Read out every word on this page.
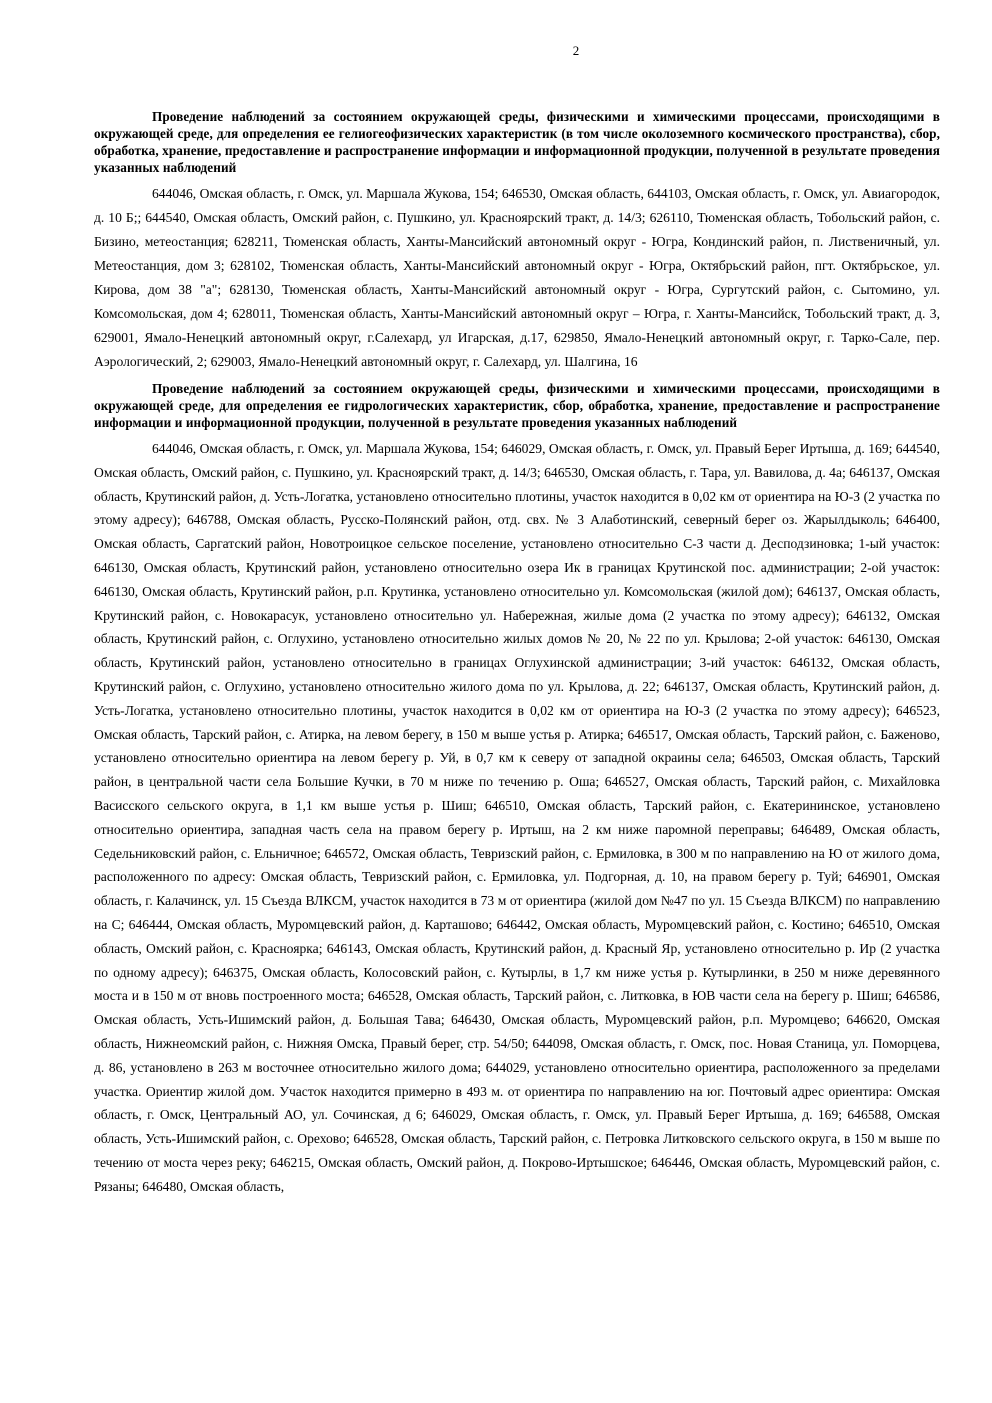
2

Проведение наблюдений за состоянием окружающей среды, физическими и химическими процессами, происходящими в окружающей среде, для определения ее гелиогеофизических характеристик (в том числе околоземного космического пространства), сбор, обработка, хранение, предоставление и распространение информации и информационной продукции, полученной в результате проведения указанных наблюдений

644046, Омская область, г. Омск, ул. Маршала Жукова, 154; 646530, Омская область, 644103, Омская область, г. Омск, ул. Авиагородок, д. 10 Б;; 644540, Омская область, Омский район, с. Пушкино, ул. Красноярский тракт, д. 14/3; 626110, Тюменская область, Тобольский район, с. Бизино, метеостанция; 628211, Тюменская область, Ханты-Мансийский автономный округ - Югра, Кондинский район, п. Лиственичный, ул. Метеостанция, дом 3; 628102, Тюменская область, Ханты-Мансийский автономный округ - Югра, Октябрьский район, пгт. Октябрьское, ул. Кирова, дом 38 "а"; 628130, Тюменская область, Ханты-Мансийский автономный округ - Югра, Сургутский район, с. Сытомино, ул. Комсомольская, дом 4; 628011, Тюменская область, Ханты-Мансийский автономный округ – Югра, г. Ханты-Мансийск, Тобольский тракт, д. 3, 629001, Ямало-Ненецкий автономный округ, г.Салехард, ул Игарская, д.17, 629850, Ямало-Ненецкий автономный округ, г. Тарко-Сале, пер. Аэрологический, 2; 629003, Ямало-Ненецкий автономный округ, г. Салехард, ул. Шалгина, 16

Проведение наблюдений за состоянием окружающей среды, физическими и химическими процессами, происходящими в окружающей среде, для определения ее гидрологических характеристик, сбор, обработка, хранение, предоставление и распространение информации и информационной продукции, полученной в результате проведения указанных наблюдений

644046, Омская область, г. Омск, ул. Маршала Жукова, 154; 646029, Омская область, г. Омск, ул. Правый Берег Иртыша, д. 169; 644540, Омская область, Омский район, с. Пушкино, ул. Красноярский тракт, д. 14/3; 646530, Омская область, г. Тара, ул. Вавилова, д. 4а; 646137, Омская область, Крутинский район, д. Усть-Логатка, установлено относительно плотины, участок находится в 0,02 км от ориентира на Ю-З (2 участка по этому адресу); 646788, Омская область, Русско-Полянский район, отд. свх. № 3 Алаботинский, северный берег оз. Жарылдыколь; 646400, Омская область, Саргатский район, Новотроицкое сельское поселение, установлено относительно С-З части д. Десподзиновка; 1-ый участок: 646130, Омская область, Крутинский район, установлено относительно озера Ик в границах Крутинской пос. администрации; 2-ой участок: 646130, Омская область, Крутинский район, р.п. Крутинка, установлено относительно ул. Комсомольская (жилой дом); 646137, Омская область, Крутинский район, с. Новокарасук, установлено относительно ул. Набережная, жилые дома (2 участка по этому адресу); 646132, Омская область, Крутинский район, с. Оглухино, установлено относительно жилых домов № 20, № 22 по ул. Крылова; 2-ой участок: 646130, Омская область, Крутинский район, установлено относительно в границах Оглухинской администрации; 3-ий участок: 646132, Омская область, Крутинский район, с. Оглухино, установлено относительно жилого дома по ул. Крылова, д. 22; 646137, Омская область, Крутинский район, д. Усть-Логатка, установлено относительно плотины, участок находится в 0,02 км от ориентира на Ю-З (2 участка по этому адресу); 646523, Омская область, Тарский район, с. Атирка, на левом берегу, в 150 м выше устья р. Атирка; 646517, Омская область, Тарский район, с. Баженово, установлено относительно ориентира на левом берегу р. Уй, в 0,7 км к северу от западной окраины села; 646503, Омская область, Тарский район, в центральной части села Большие Кучки, в 70 м ниже по течению р. Оша; 646527, Омская область, Тарский район, с. Михайловка Васисского сельского округа, в 1,1 км выше устья р. Шиш; 646510, Омская область, Тарский район, с. Екатерининское, установлено относительно ориентира, западная часть села на правом берегу р. Иртыш, на 2 км ниже паромной переправы; 646489, Омская область, Седельниковский район, с. Ельничное; 646572, Омская область, Тевризский район, с. Ермиловка, в 300 м по направлению на Ю от жилого дома, расположенного по адресу: Омская область, Тевризский район, с. Ермиловка, ул. Подгорная, д. 10, на правом берегу р. Туй; 646901, Омская область, г. Калачинск, ул. 15 Съезда ВЛКСМ, участок находится в 73 м от ориентира (жилой дом №47 по ул. 15 Съезда ВЛКСМ) по направлению на С; 646444, Омская область, Муромцевский район, д. Карташово; 646442, Омская область, Муромцевский район, с. Костино; 646510, Омская область, Омский район, с. Красноярка; 646143, Омская область, Крутинский район, д. Красный Яр, установлено относительно р. Ир (2 участка по одному адресу); 646375, Омская область, Колосовский район, с. Кутырлы, в 1,7 км ниже устья р. Кутырлинки, в 250 м ниже деревянного моста и в 150 м от вновь построенного моста; 646528, Омская область, Тарский район, с. Литковка, в ЮВ части села на берегу р. Шиш; 646586, Омская область, Усть-Ишимский район, д. Большая Тава; 646430, Омская область, Муромцевский район, р.п. Муромцево; 646620, Омская область, Нижнеомский район, с. Нижняя Омска, Правый берег, стр. 54/50; 644098, Омская область, г. Омск, пос. Новая Станица, ул. Поморцева, д. 86, установлено в 263 м восточнее относительно жилого дома; 644029, установлено относительно ориентира, расположенного за пределами участка. Ориентир жилой дом. Участок находится примерно в 493 м. от ориентира по направлению на юг. Почтовый адрес ориентира: Омская область, г. Омск, Центральный АО, ул. Сочинская, д 6; 646029, Омская область, г. Омск, ул. Правый Берег Иртыша, д. 169; 646588, Омская область, Усть-Ишимский район, с. Орехово; 646528, Омская область, Тарский район, с. Петровка Литковского сельского округа, в 150 м выше по течению от моста через реку; 646215, Омская область, Омский район, д. Покрово-Иртышское; 646446, Омская область, Муромцевский район, с. Рязаны; 646480, Омская область,
